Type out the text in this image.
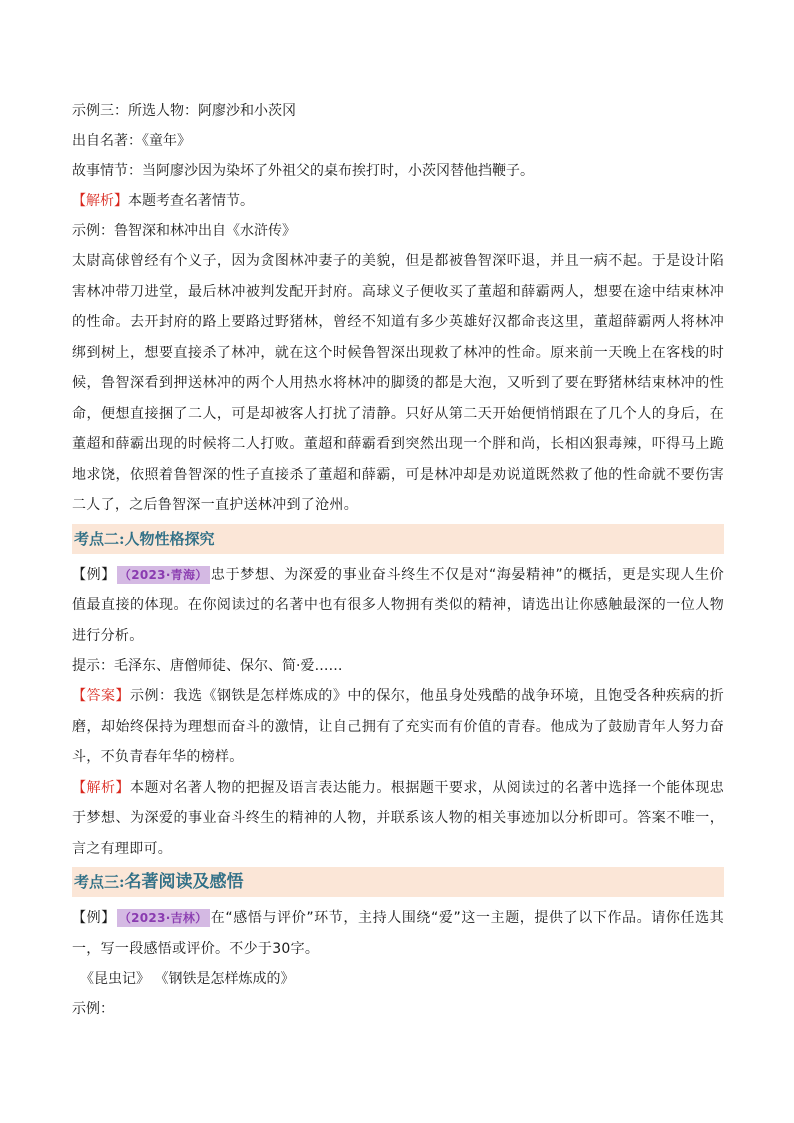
示例三：所选人物：阿廖沙和小茨冈
出自名著：《童年》
故事情节：当阿廖沙因为染坏了外祖父的桌布挨打时，小茨冈替他挡鞭子。
【解析】本题考查名著情节。
示例：鲁智深和林冲出自《水浒传》

太尉高俅曾经有个义子，因为贪图林冲妻子的美貌，但是都被鲁智深吓退，并且一病不起。于是设计陷害林冲带刀进堂，最后林冲被判发配开封府。高球义子便收买了董超和薛霸两人，想要在途中结束林冲的性命。去开封府的路上要路过野猪林，曾经不知道有多少英雄好汉都命丧这里，董超薛霸两人将林冲绑到树上，想要直接杀了林冲，就在这个时候鲁智深出现救了林冲的性命。原来前一天晚上在客栈的时候，鲁智深看到押送林冲的两个人用热水将林冲的脚烫的都是大泡，又听到了要在野猪林结束林冲的性命，便想直接捆了二人，可是却被客人打扰了清静。只好从第二天开始便悄悄跟在了几个人的身后，在董超和薛霸出现的时候将二人打败。董超和薛霸看到突然出现一个胖和尚，长相凶狠毒辣，吓得马上跪地求饶，依照着鲁智深的性子直接杀了董超和薛霸，可是林冲却是劝说道既然救了他的性命就不要伤害二人了，之后鲁智深一直护送林冲到了沧州。

考点二:人物性格探究

【例】 （2023·青海） 忠于梦想、为深爱的事业奋斗终生不仅是对“海晏精神”的概括，更是实现人生价值最直接的体现。在你阅读过的名著中也有很多人物拥有类似的精神，请选出让你感触最深的一位人物进行分析。

提示：毛泽东、唐僧师徒、保尔、简·爱……

【答案】示例：我选《钢铁是怎样炼成的》中的保尔，他虽身处残酷的战争环境，且饱受各种疾病的折磨，却始终保持为理想而奋斗的激情，让自己拥有了充实而有价值的青春。他成为了鼓励青年人努力奋斗，不负青春年华的榜样。

【解析】本题对名著人物的把握及语言表达能力。根据题干要求，从阅读过的名著中选择一个能体现忠于梦想、为深爱的事业奋斗终生的精神的人物，并联系该人物的相关事迹加以分析即可。答案不唯一，言之有理即可。

考点三:名著阅读及感悟

【例】 （2023·吉林） 在“感悟与评价”环节，主持人围绕“爱”这一主题，提供了以下作品。请你任选其一，写一段感悟或评价。不少于30字。

《昆虫记》 《钢铁是怎样炼成的》
示例：
